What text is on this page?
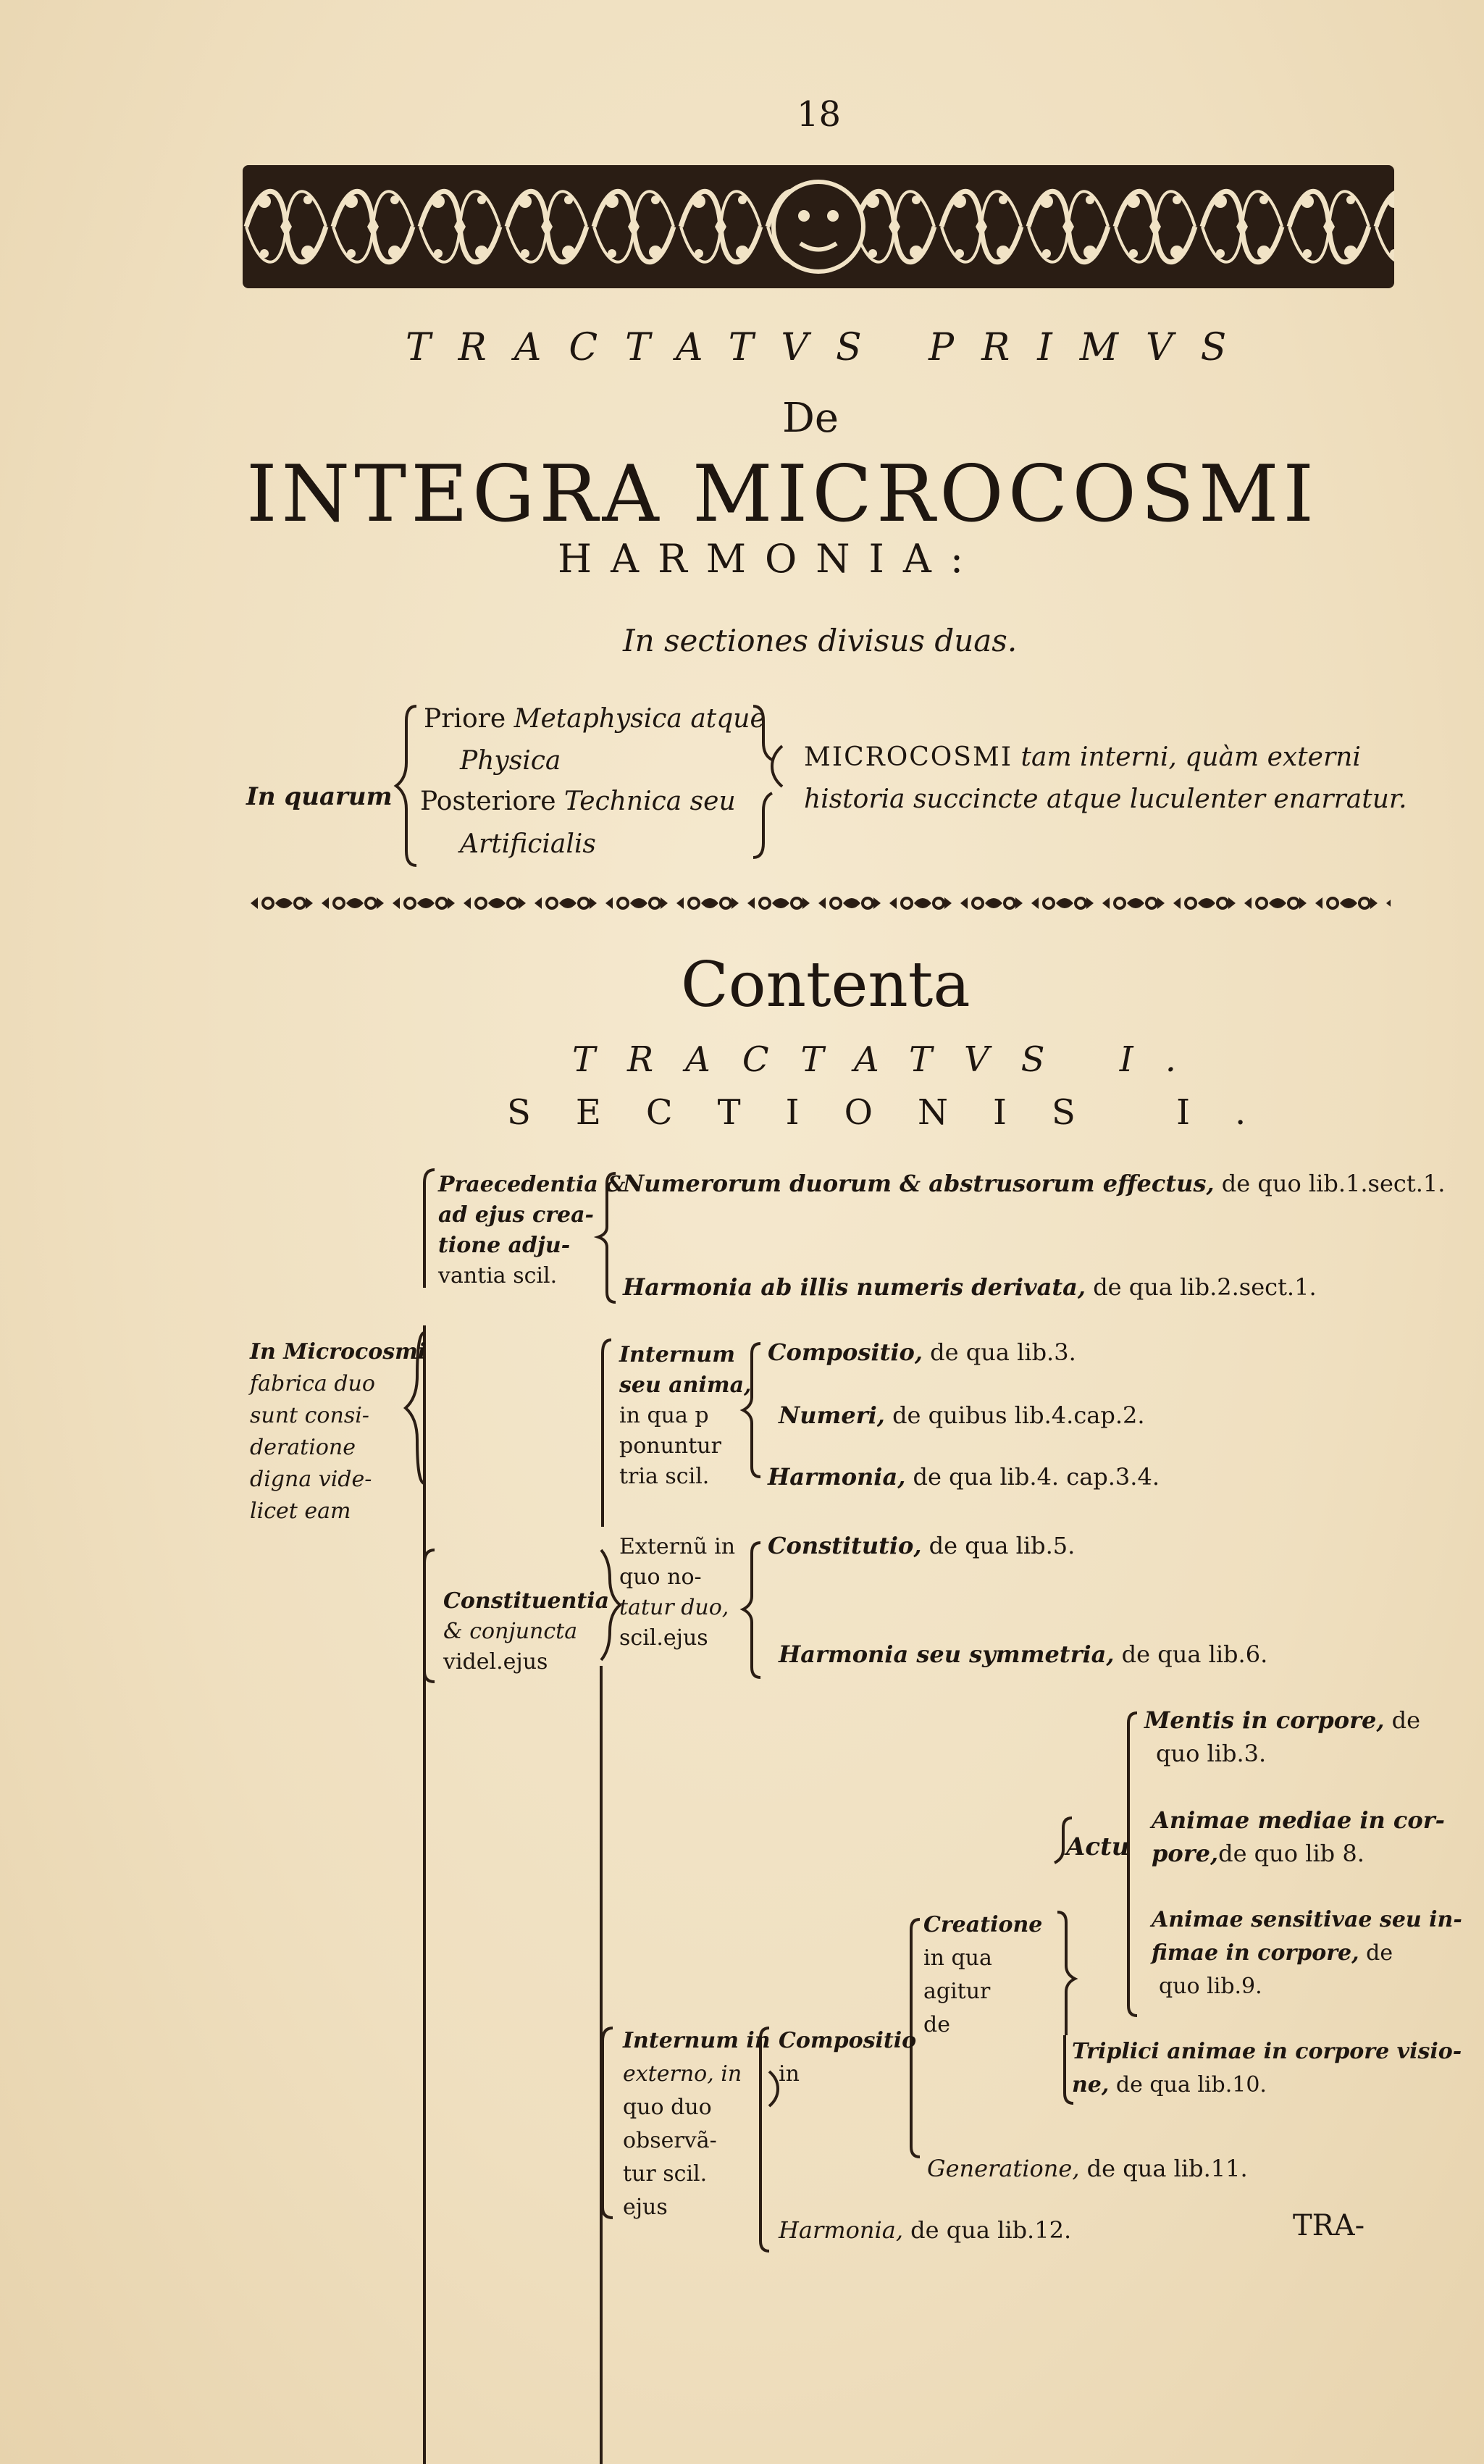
18
TRACTATVS PRIMVS
De
INTEGRA MICROCOSMI
HARMONIA:
In sectiones divisus duas.
In quarum
Priore Metaphysica atque
Physica
Posteriore Technica seu
Artificialis
MICROCOSMI tam interni, quàm externi
historia succincte atque luculenter enarratur.
Contenta
TRACTATVS I.
SECTIONIS I.
In Microcosmi
fabrica duo
sunt consi-
deratione
digna vide-
licet eam
Praecedentia &
ad ejus crea-
tione adju-
vantia scil.
Numerorum duorum & abstrusorum effectus, de quo lib.1.sect.1.
Harmonia ab illis numeris derivata, de qua lib.2.sect.1.
Constituentia
& conjuncta
videl.ejus
Internum
seu anima,
in qua p
ponuntur
tria scil.
Compositio, de qua lib.3.
Numeri, de quibus lib.4.cap.2.
Harmonia, de qua lib.4. cap.3.4.
Externũ in
quo no-
tatur duo,
scil.ejus
Constitutio, de qua lib.5.
Harmonia seu symmetria, de qua lib.6.
Actu
Mentis in corpore, de
quo lib.3.
Animae mediae in cor-
pore,de quo lib 8.
Animae sensitivae seu in-
fimae in corpore, de
quo lib.9.
Creatione
in qua
agitur
de
Triplici animae in corpore visio-
ne, de qua lib.10.
Internum in
externo, in
quo duo
observã-
tur scil.
ejus
Compositio
in
Generatione, de qua lib.11.
Harmonia, de qua lib.12.	TRA-
